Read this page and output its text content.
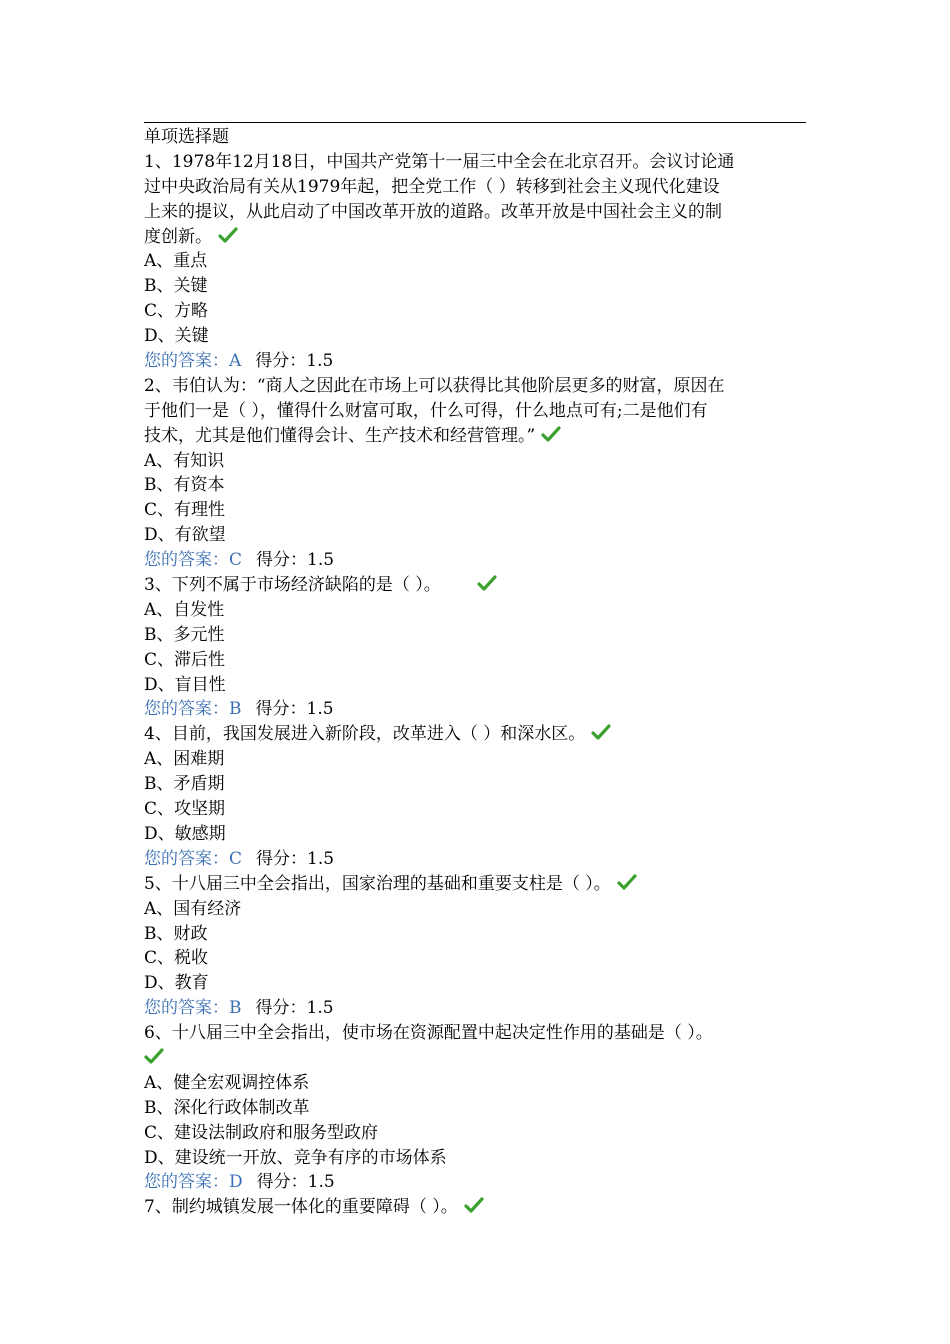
单项选择题
1、1978年12月18日，中国共产党第十一届三中全会在北京召开。会议讨论通
过中央政治局有关从1979年起，把全党工作（ ）转移到社会主义现代化建设
上来的提议，从此启动了中国改革开放的道路。改革开放是中国社会主义的制
度创新。
A、重点
B、关键
C、方略
D、关键
您的答案：A 得分：1.5
2、韦伯认为：“商人之因此在市场上可以获得比其他阶层更多的财富，原因在
于他们一是（ ），懂得什么财富可取，什么可得，什么地点可有;二是他们有
技术，尤其是他们懂得会计、生产技术和经营管理。”
A、有知识
B、有资本
C、有理性
D、有欲望
您的答案：C 得分：1.5
3、下列不属于市场经济缺陷的是（ ）。
A、自发性
B、多元性
C、滞后性
D、盲目性
您的答案：B 得分：1.5
4、目前，我国发展进入新阶段，改革进入（ ）和深水区。
A、困难期
B、矛盾期
C、攻坚期
D、敏感期
您的答案：C 得分：1.5
5、十八届三中全会指出，国家治理的基础和重要支柱是（ ）。
A、国有经济
B、财政
C、税收
D、教育
您的答案：B 得分：1.5
6、十八届三中全会指出，使市场在资源配置中起决定性作用的基础是（ ）。
A、健全宏观调控体系
B、深化行政体制改革
C、建设法制政府和服务型政府
D、建设统一开放、竞争有序的市场体系
您的答案：D 得分：1.5
7、制约城镇发展一体化的重要障碍（ ）。
